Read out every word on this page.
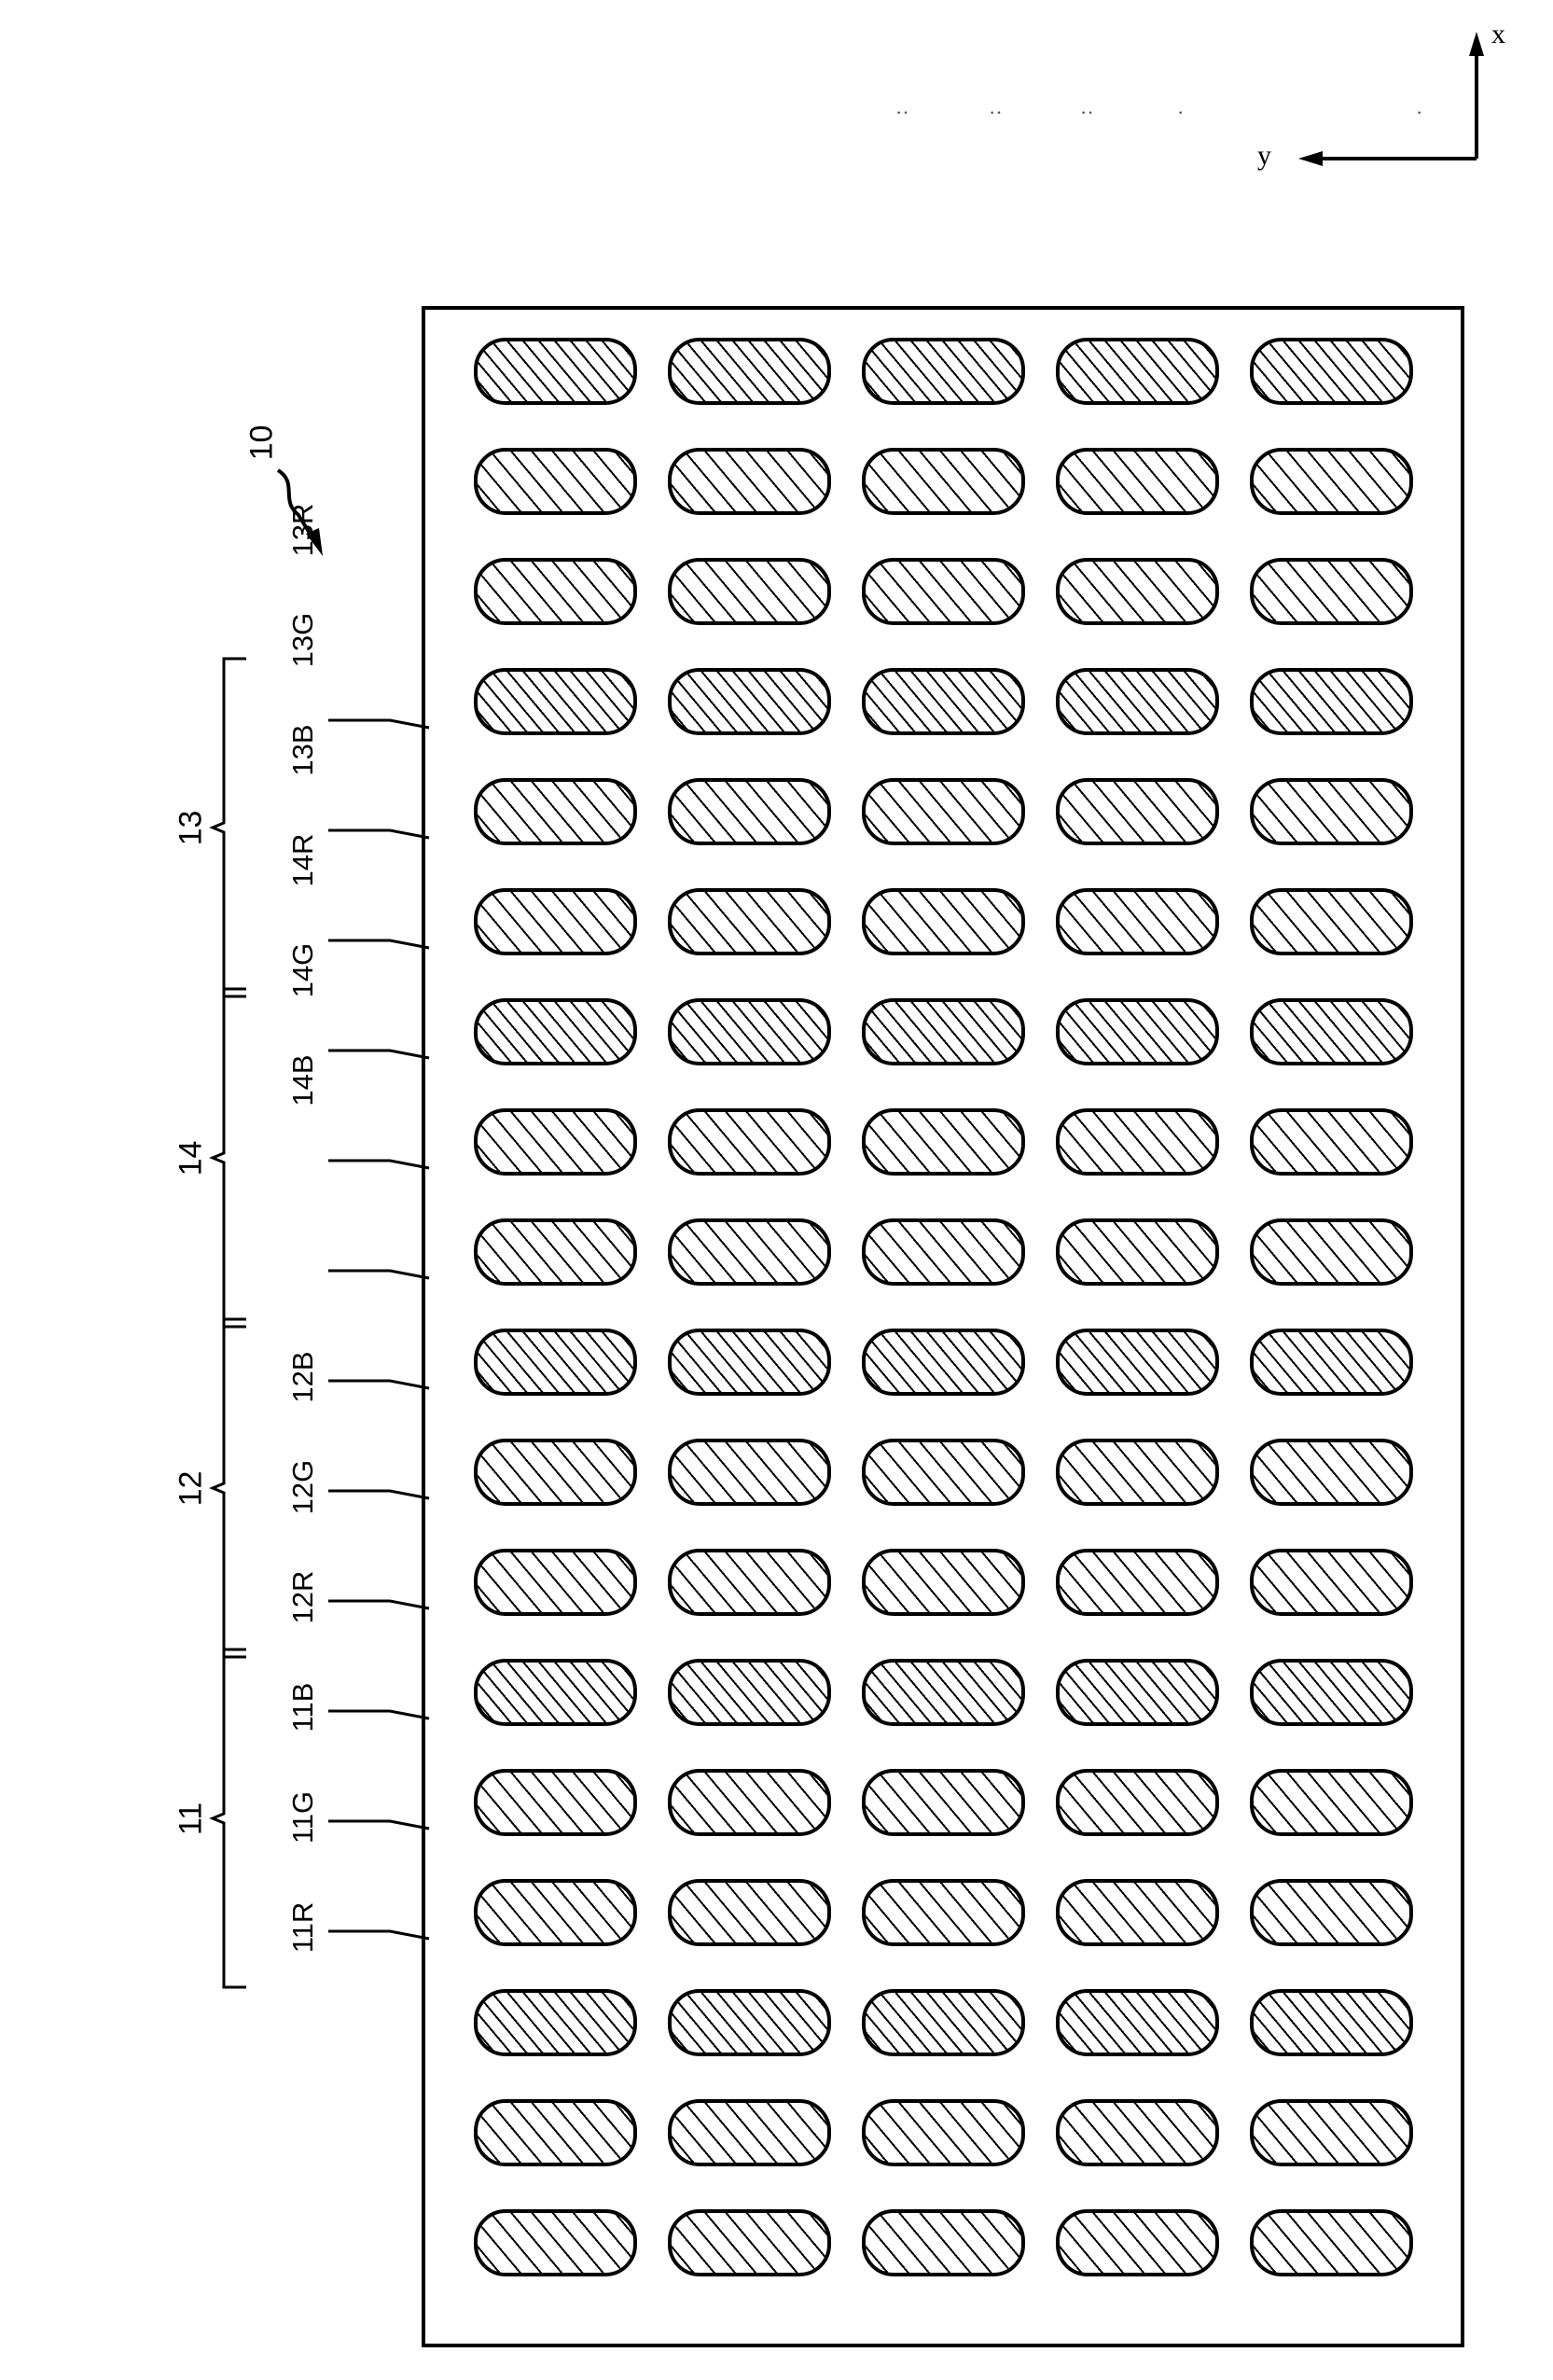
··	··	··	·	·
x
y
10
14B
14G
14R
13B
13G
13R
12B
12G
12R
11B
11G
11R
14
13
12
11
